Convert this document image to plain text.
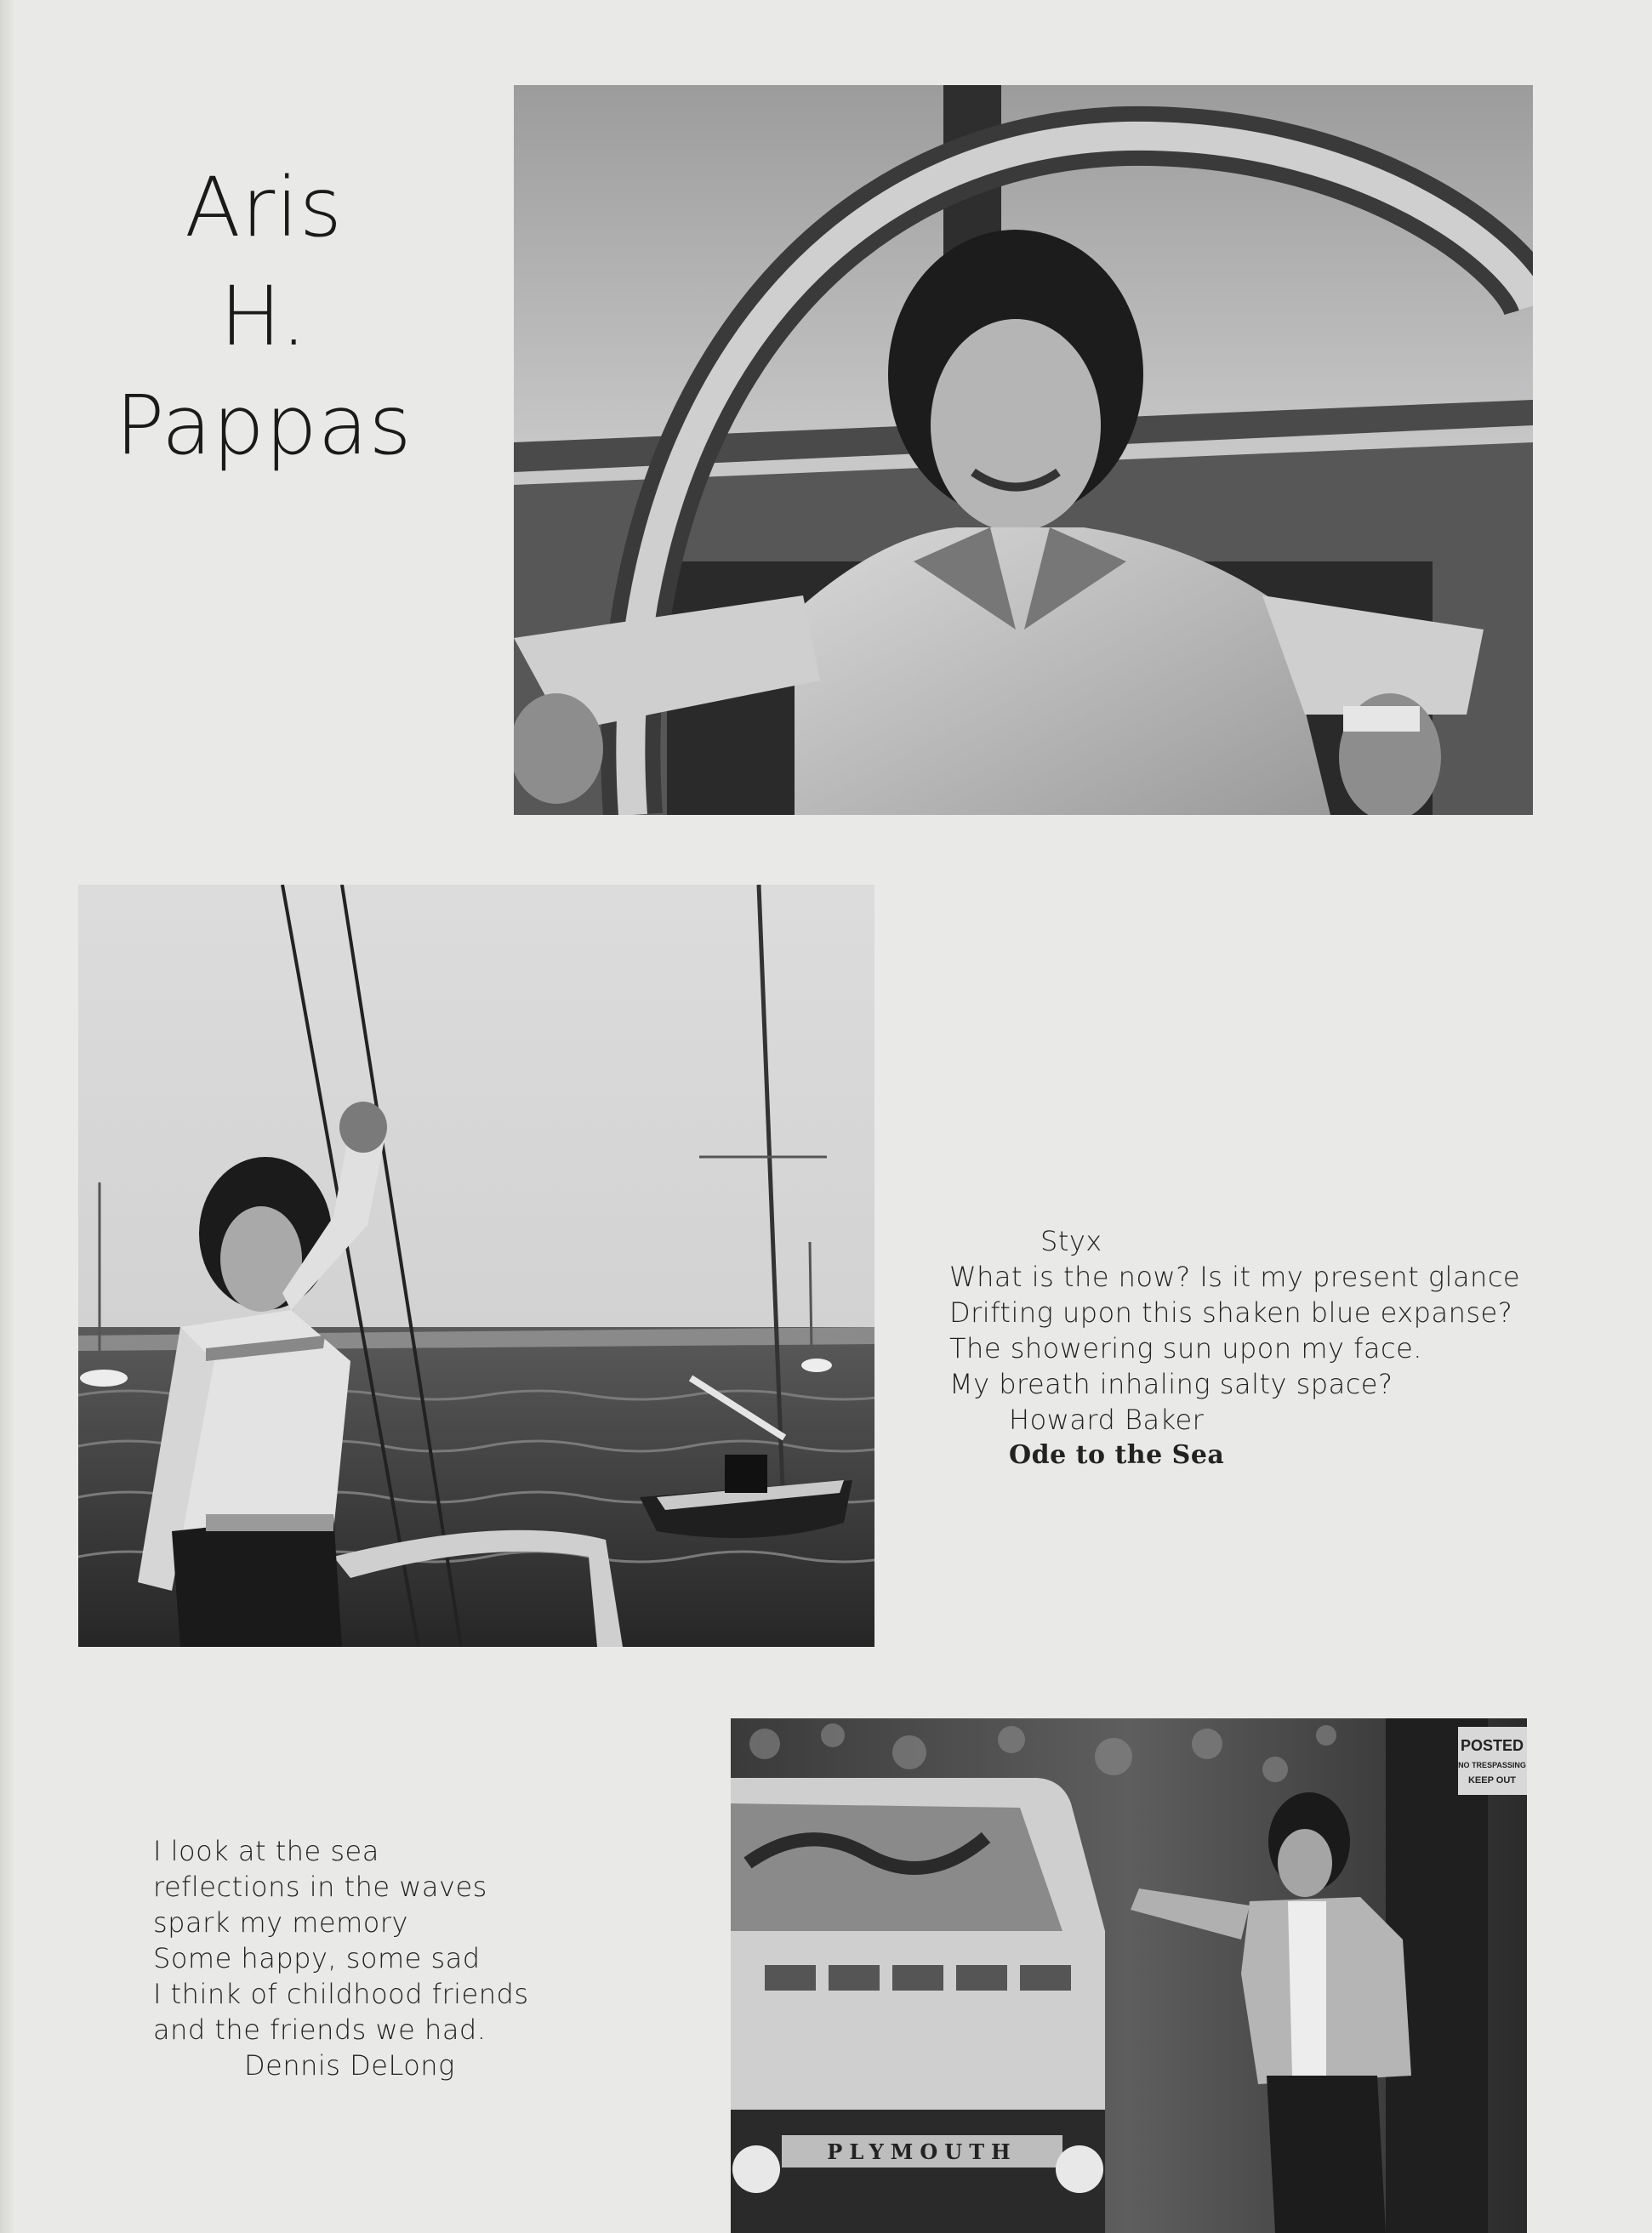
Aris
H.
Pappas
POSTED
NO TRESPASSING
KEEP OUT
PLYMOUTH
Styx
What is the now? Is it my present glance
Drifting upon this shaken blue expanse?
The showering sun upon my face.
My breath inhaling salty space?
Howard Baker
Ode to the Sea
I look at the sea
reflections in the waves
spark my memory
Some happy, some sad
I think of childhood friends
and the friends we had.
Dennis DeLong
